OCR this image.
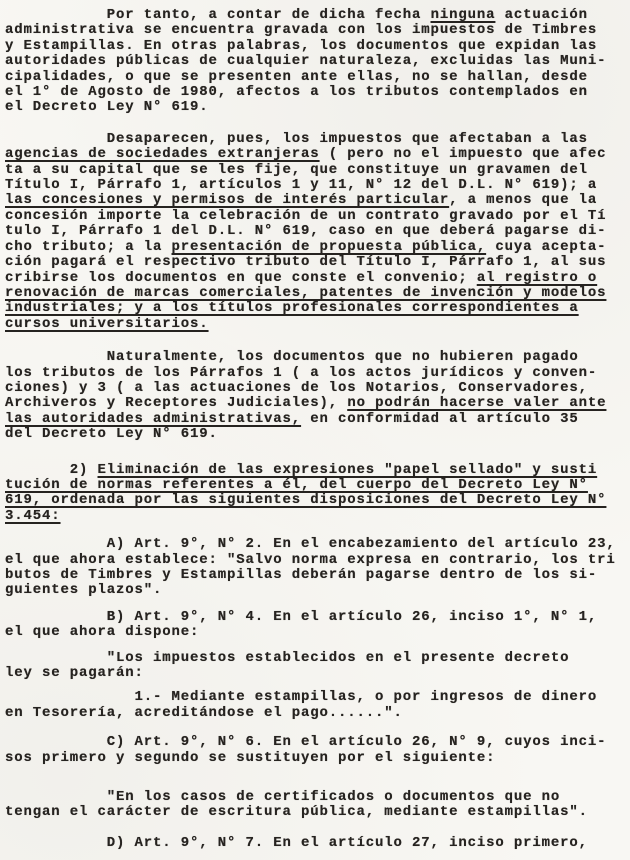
Por tanto, a contar de dicha fecha ninguna actuación
administrativa se encuentra gravada con los impuestos de Timbres
y Estampillas. En otras palabras, los documentos que expidan las
autoridades públicas de cualquier naturaleza, excluidas las Muni-
cipalidades, o que se presenten ante ellas, no se hallan, desde
el 1° de Agosto de 1980, afectos a los tributos contemplados en
el Decreto Ley N° 619.
Desaparecen, pues, los impuestos que afectaban a las
agencias de sociedades extranjeras ( pero no el impuesto que afec
ta a su capital que se les fije, que constituye un gravamen del
Título I, Párrafo 1, artículos 1 y 11, N° 12 del D.L. N° 619); a
las concesiones y permisos de interés particular, a menos que la
concesión importe la celebración de un contrato gravado por el Tí
tulo I, Párrafo 1 del D.L. N° 619, caso en que deberá pagarse di-
cho tributo; a la presentación de propuesta pública, cuya acepta-
ción pagará el respectivo tributo del Título I, Párrafo 1, al sus
cribirse los documentos en que conste el convenio; al registro o
renovación de marcas comerciales, patentes de invención y modelos
industriales; y a los títulos profesionales correspondientes a
cursos universitarios.
Naturalmente, los documentos que no hubieren pagado
los tributos de los Párrafos 1 ( a los actos jurídicos y conven-
ciones) y 3 ( a las actuaciones de los Notarios, Conservadores,
Archiveros y Receptores Judiciales), no podrán hacerse valer ante
las autoridades administrativas, en conformidad al artículo 35
del Decreto Ley N° 619.
2) Eliminación de las expresiones "papel sellado" y susti
tución de normas referentes a él, del cuerpo del Decreto Ley N°
619, ordenada por las siguientes disposiciones del Decreto Ley N°
3.454:
A) Art. 9°, N° 2. En el encabezamiento del artículo 23,
el que ahora establece: "Salvo norma expresa en contrario, los tri
butos de Timbres y Estampillas deberán pagarse dentro de los si-
guientes plazos".
B) Art. 9°, N° 4. En el artículo 26, inciso 1°, N° 1,
el que ahora dispone:
"Los impuestos establecidos en el presente decreto
ley se pagarán:
1.- Mediante estampillas, o por ingresos de dinero
en Tesorería, acreditándose el pago......".
C) Art. 9°, N° 6. En el artículo 26, N° 9, cuyos inci-
sos primero y segundo se sustituyen por el siguiente:
"En los casos de certificados o documentos que no
tengan el carácter de escritura pública, mediante estampillas".
D) Art. 9°, N° 7. En el artículo 27, inciso primero,
